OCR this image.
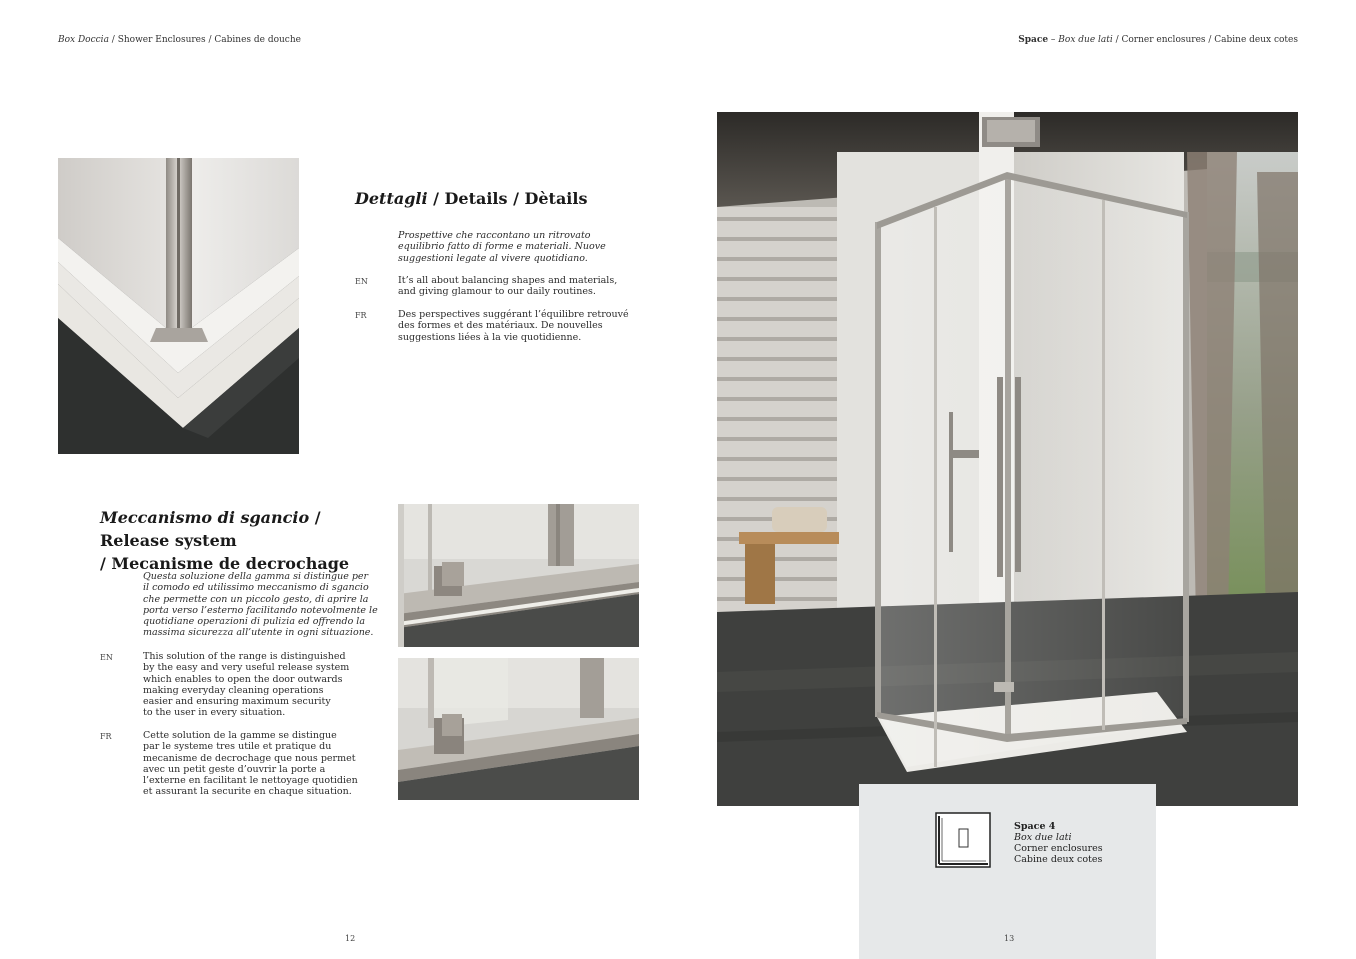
Box Doccia / Shower Enclosures / Cabines de douche	Space – Box due lati / Corner enclosures / Cabine deux cotes
Dettagli / Details / Dètails
Prospettive che raccontano un ritrovato
equilibrio fatto di forme e materiali. Nuove
suggestioni legate al vivere quotidiano.
EN	It’s all about balancing shapes and materials,
and giving glamour to our daily routines.
FR	Des perspectives suggérant l’équilibre retrouvé
des formes et des matériaux. De nouvelles
suggestions liées à la vie quotidienne.
Meccanismo di sgancio / Release system
/ Mecanisme de decrochage
Questa soluzione della gamma si distingue per
il comodo ed utilissimo meccanismo di sgancio
che permette con un piccolo gesto, di aprire la
porta verso l’esterno facilitando notevolmente le
quotidiane operazioni di pulizia ed offrendo la
massima sicurezza all’utente in ogni situazione.
EN	This solution of the range is distinguished
by the easy and very useful release system
which enables to open the door outwards
making everyday cleaning operations
easier and ensuring maximum security
to the user in every situation.
FR	Cette solution de la gamme se distingue
par le systeme tres utile et pratique du
mecanisme de decrochage que nous permet
avec un petit geste d’ouvrir la porte a
l’externe en facilitant le nettoyage quotidien
et assurant la securite en chaque situation.
12
Space 4
Box due lati
Corner enclosures
Cabine deux cotes
13
